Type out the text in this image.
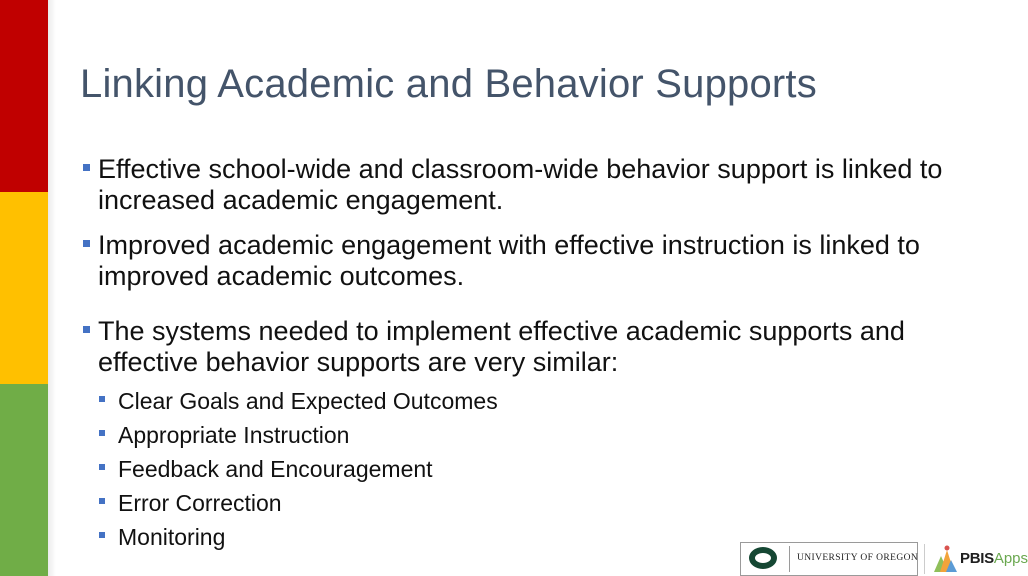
Linking Academic and Behavior Supports
Effective school-wide and classroom-wide behavior support is linked to increased academic engagement.
Improved academic engagement with effective instruction is linked to improved academic outcomes.
The systems needed to implement effective academic supports and effective behavior supports are very similar:
Clear Goals and Expected Outcomes
Appropriate Instruction
Feedback and Encouragement
Error Correction
Monitoring
UNIVERSITY OF OREGON	PBISApps
